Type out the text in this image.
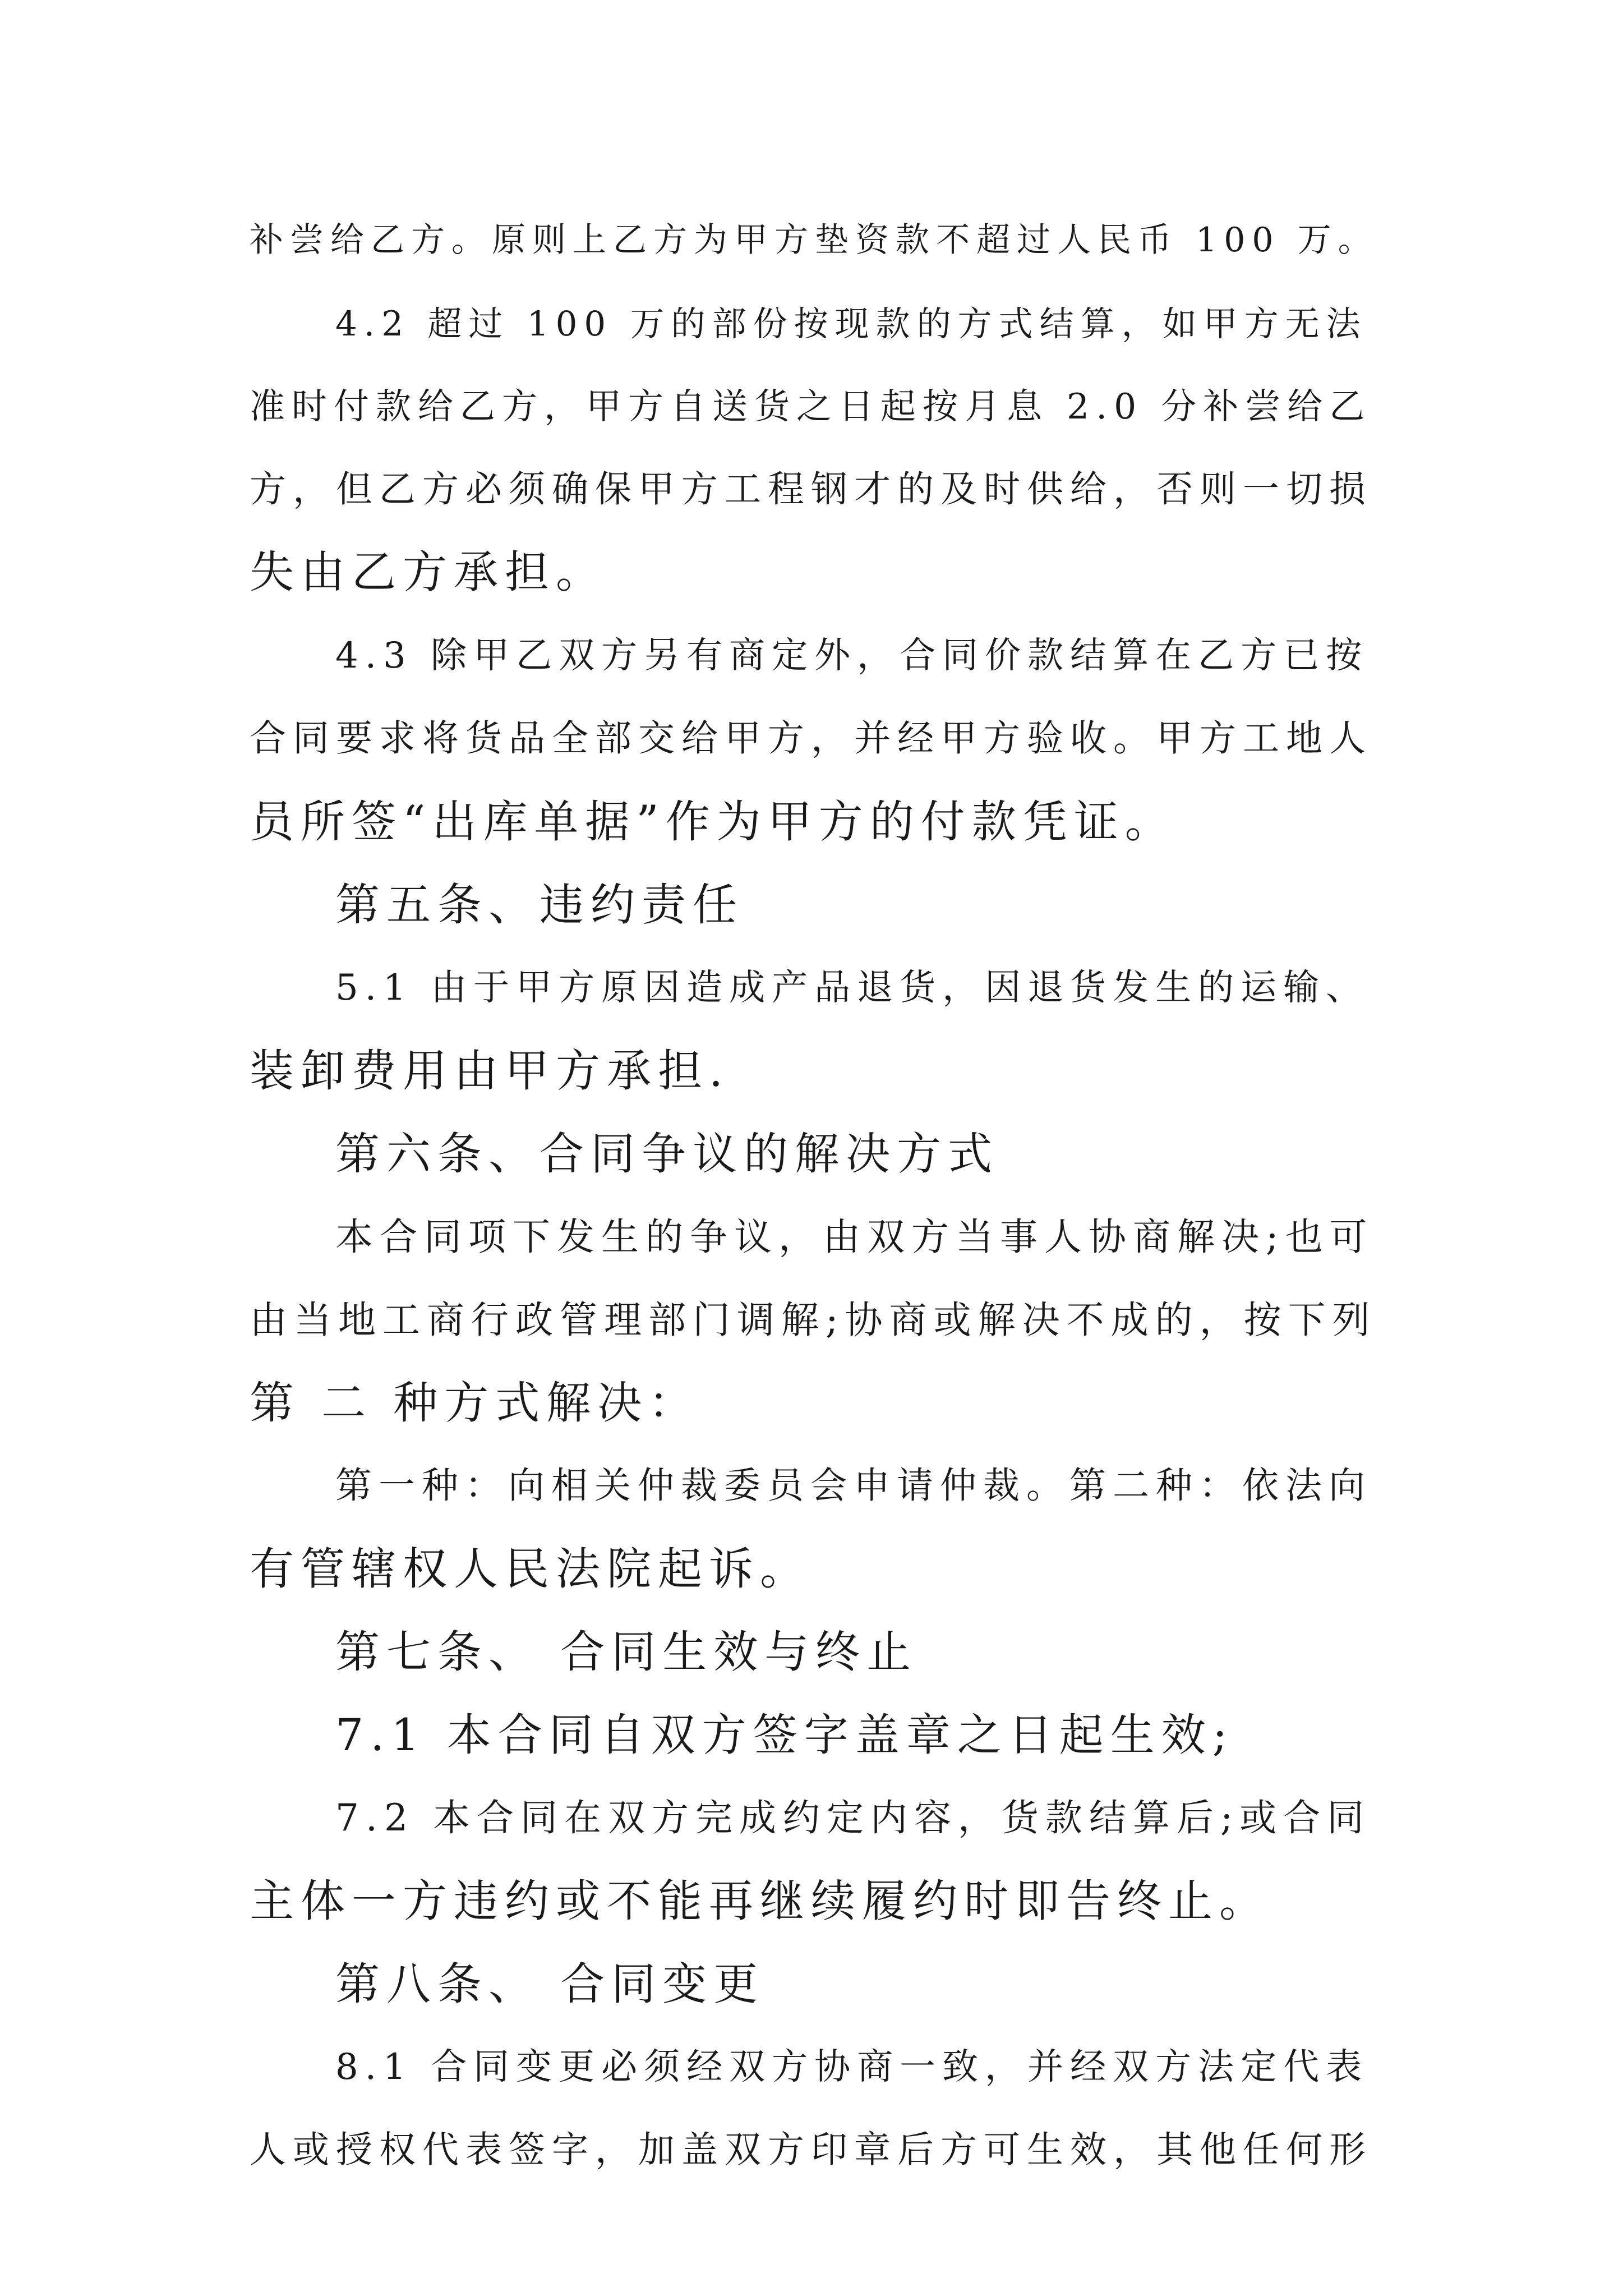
补尝给乙方。原则上乙方为甲方垫资款不超过人民币 100 万。
4.2 超过 100 万的部份按现款的方式结算，如甲方无法
准时付款给乙方，甲方自送货之日起按月息 2.0 分补尝给乙
方，但乙方必须确保甲方工程钢才的及时供给，否则一切损
失由乙方承担。
4.3 除甲乙双方另有商定外，合同价款结算在乙方已按
合同要求将货品全部交给甲方，并经甲方验收。甲方工地人
员所签“出库单据”作为甲方的付款凭证。
第五条、违约责任
5.1 由于甲方原因造成产品退货，因退货发生的运输、
装卸费用由甲方承担.
第六条、合同争议的解决方式
本合同项下发生的争议，由双方当事人协商解决;也可
由当地工商行政管理部门调解;协商或解决不成的，按下列
第 二 种方式解决：
第一种：向相关仲裁委员会申请仲裁。第二种：依法向
有管辖权人民法院起诉。
第七条、 合同生效与终止
7.1 本合同自双方签字盖章之日起生效;
7.2 本合同在双方完成约定内容，货款结算后;或合同
主体一方违约或不能再继续履约时即告终止。
第八条、 合同变更
8.1 合同变更必须经双方协商一致，并经双方法定代表
人或授权代表签字，加盖双方印章后方可生效，其他任何形
